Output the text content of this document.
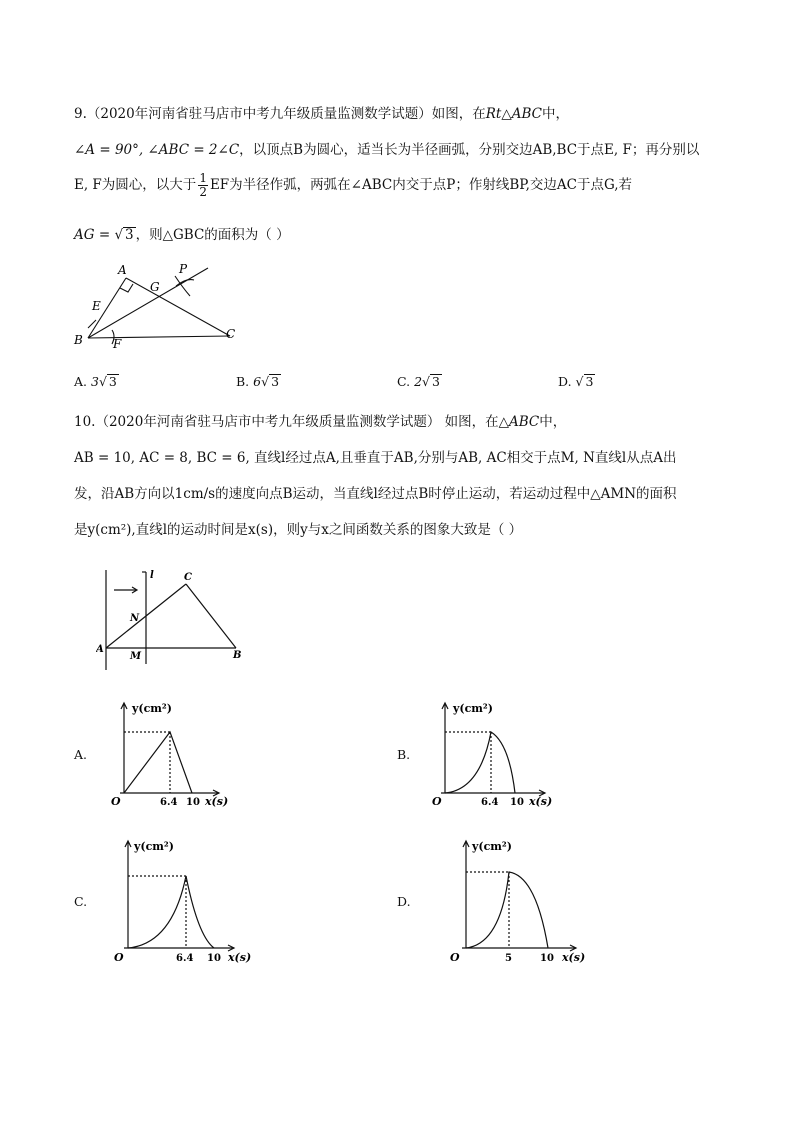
9.（2020年河南省驻马店市中考九年级质量监测数学试题）如图，在Rt△ABC中，
∠A = 90°, ∠ABC = 2∠C，以顶点B为圆心，适当长为半径画弧，分别交边AB,BC于点E, F；再分别以
E, F为圆心，以大于 $\frac{1}{2}$ EF为半径作弧，两弧在∠ABC内交于点P；作射线BP,交边AC于点G,若
AG = √ 3 ，则△GBC的面积为（ ）
A
B	C
E
F
G
P
A. 3√ 3	B. 6√ 3	C. 2√ 3	D. √ 3
10.（2020年河南省驻马店市中考九年级质量监测数学试题） 如图，在△ABC中，
AB = 10, AC = 8, BC = 6, 直线l经过点A,且垂直于AB,分别与AB, AC相交于点M, N直线l从点A出
发，沿AB方向以1cm/s的速度向点B运动，当直线l经过点B时停止运动，若运动过程中△AMN的面积
是y(cm²),直线l的运动时间是x(s)，则y与x之间函数关系的图象大致是（ ）
A
B
C
M
N
l
A.
y(cm²)
O	6.4 10 x(s)
B.
y(cm²)
O	6.4 10 x(s)
C.
y(cm²)
O	6.4 10 x(s)
D.
y(cm²)
O	5	10 x(s)
